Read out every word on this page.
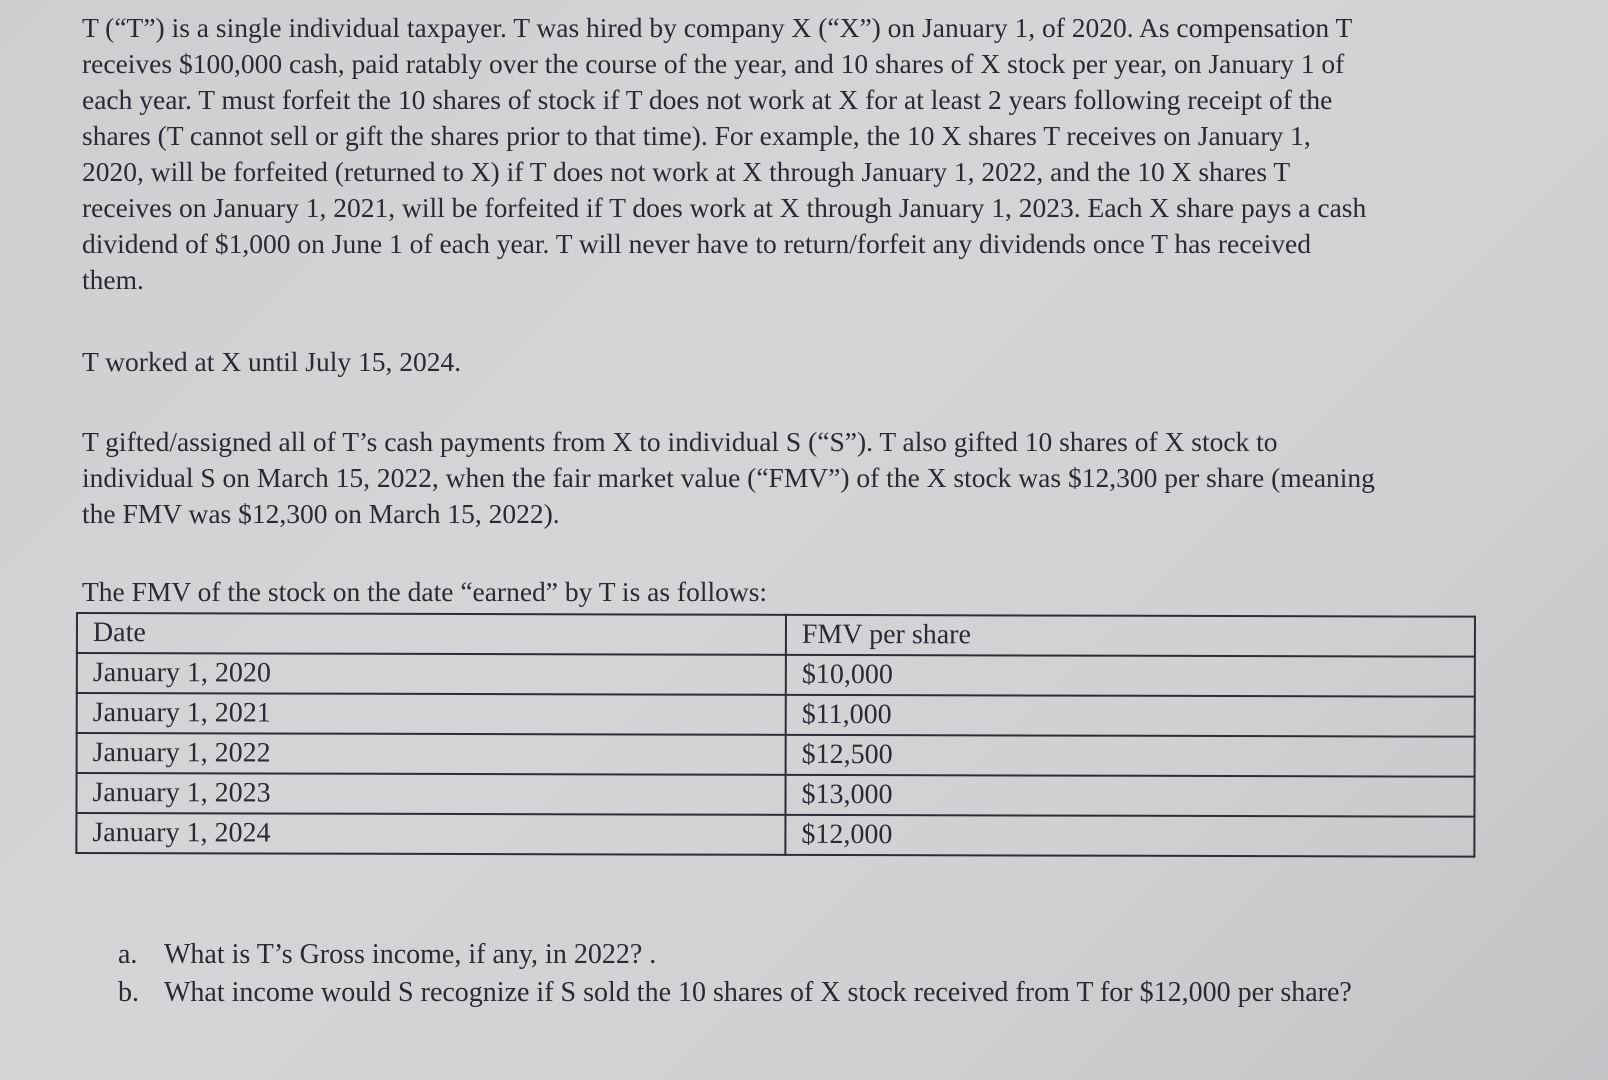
T (“T”) is a single individual taxpayer. T was hired by company X (“X”) on January 1, of 2020. As compensation T
receives $100,000 cash, paid ratably over the course of the year, and 10 shares of X stock per year, on January 1 of
each year. T must forfeit the 10 shares of stock if T does not work at X for at least 2 years following receipt of the
shares (T cannot sell or gift the shares prior to that time). For example, the 10 X shares T receives on January 1,
2020, will be forfeited (returned to X) if T does not work at X through January 1, 2022, and the 10 X shares T
receives on January 1, 2021, will be forfeited if T does work at X through January 1, 2023. Each X share pays a cash
dividend of $1,000 on June 1 of each year. T will never have to return/forfeit any dividends once T has received
them.

T worked at X until July 15, 2024.

T gifted/assigned all of T’s cash payments from X to individual S (“S”). T also gifted 10 shares of X stock to
individual S on March 15, 2022, when the fair market value (“FMV”) of the X stock was $12,300 per share (meaning
the FMV was $12,300 on March 15, 2022).

The FMV of the stock on the date “earned” by T is as follows:

Date	FMV per share
January 1, 2020	$10,000
January 1, 2021	$11,000
January 1, 2022	$12,500
January 1, 2023	$13,000
January 1, 2024	$12,000
a. What is T’s Gross income, if any, in 2022? .
b. What income would S recognize if S sold the 10 shares of X stock received from T for $12,000 per share?
